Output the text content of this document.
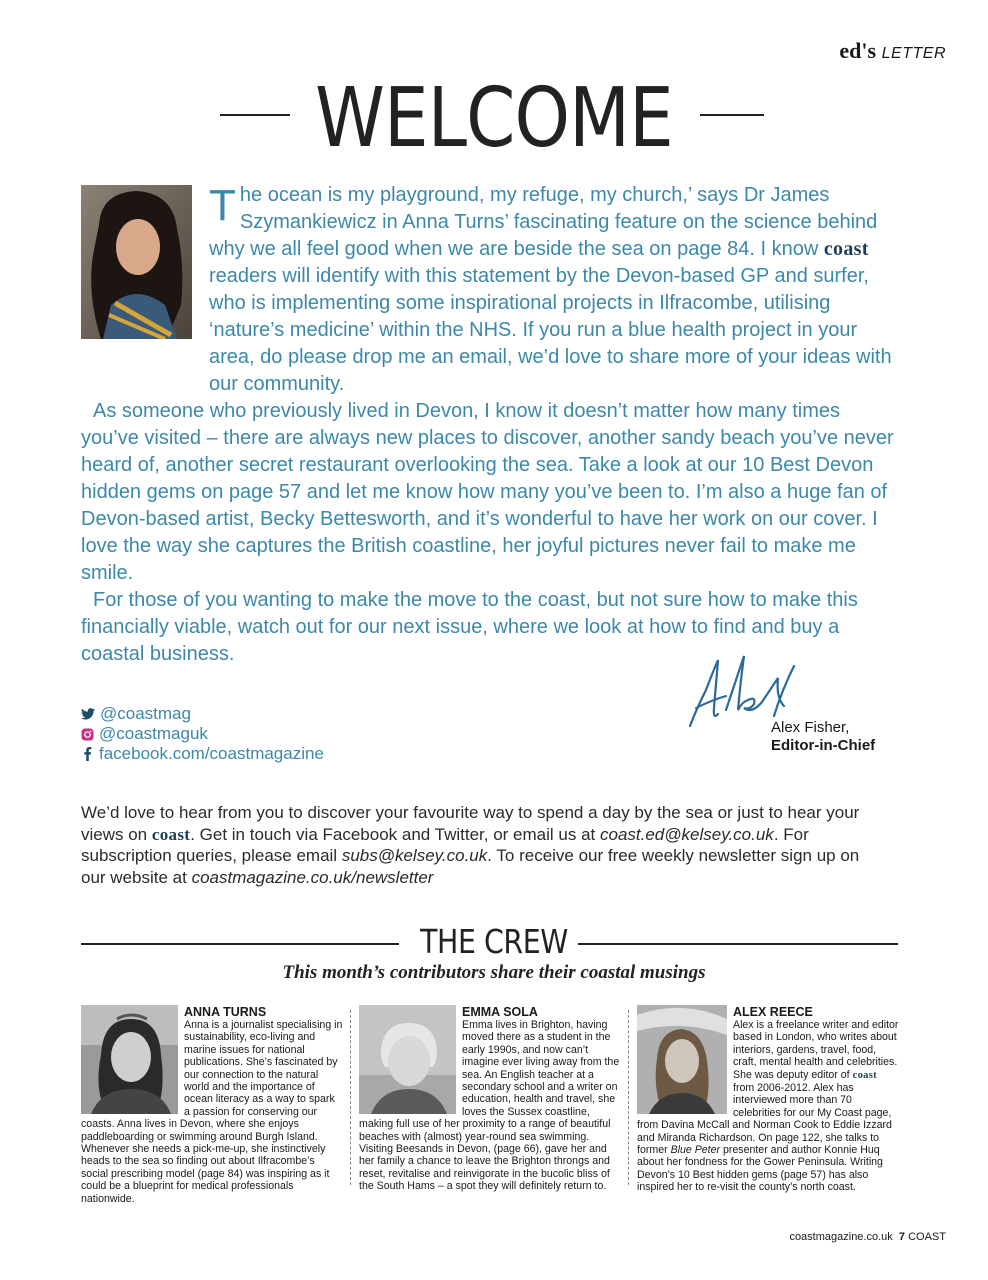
ed's LETTER
WELCOME

The ocean is my playground, my refuge, my church,’ says Dr James Szymankiewicz in Anna Turns’ fascinating feature on the science behind why we all feel good when we are beside the sea on page 84. I know coast readers will identify with this statement by the Devon-based GP and surfer, who is implementing some inspirational projects in Ilfracombe, utilising ‘nature’s medicine’ within the NHS. If you run a blue health project in your area, do please drop me an email, we’d love to share more of your ideas with our community.

As someone who previously lived in Devon, I know it doesn’t matter how many times you’ve visited – there are always new places to discover, another sandy beach you’ve never heard of, another secret restaurant overlooking the sea. Take a look at our 10 Best Devon hidden gems on page 57 and let me know how many you’ve been to. I’m also a huge fan of Devon-based artist, Becky Bettesworth, and it’s wonderful to have her work on our cover. I love the way she captures the British coastline, her joyful pictures never fail to make me smile.

For those of you wanting to make the move to the coast, but not sure how to make this financially viable, watch out for our next issue, where we look at how to find and buy a coastal business.

Alex Fisher,
Editor-in-Chief
@coastmag
@coastmaguk
facebook.com/coastmagazine

We’d love to hear from you to discover your favourite way to spend a day by the sea or just to hear your views on coast. Get in touch via Facebook and Twitter, or email us at coast.ed@kelsey.co.uk. For subscription queries, please email subs@kelsey.co.uk. To receive our free weekly newsletter sign up on our website at coastmagazine.co.uk/newsletter

THE CREW
This month’s contributors share their coastal musings
ANNA TURNS

Anna is a journalist specialising in sustainability, eco-living and marine issues for national publications. She’s fascinated by our connection to the natural world and the importance of ocean literacy as a way to spark a passion for conserving our coasts. Anna lives in Devon, where she enjoys paddleboarding or swimming around Burgh Island. Whenever she needs a pick-me-up, she instinctively heads to the sea so finding out about Ilfracombe’s social prescribing model (page 84) was inspiring as it could be a blueprint for medical professionals nationwide.

EMMA SOLA

Emma lives in Brighton, having moved there as a student in the early 1990s, and now can’t imagine ever living away from the sea. An English teacher at a secondary school and a writer on education, health and travel, she loves the Sussex coastline, making full use of her proximity to a range of beautiful beaches with (almost) year-round sea swimming. Visiting Beesands in Devon, (page 66), gave her and her family a chance to leave the Brighton throngs and reset, revitalise and reinvigorate in the bucolic bliss of the South Hams – a spot they will definitely return to.

ALEX REECE

Alex is a freelance writer and editor based in London, who writes about interiors, gardens, travel, food, craft, mental health and celebrities. She was deputy editor of coast from 2006-2012. Alex has interviewed more than 70 celebrities for our My Coast page, from Davina McCall and Norman Cook to Eddie Izzard and Miranda Richardson. On page 122, she talks to former Blue Peter presenter and author Konnie Huq about her fondness for the Gower Peninsula. Writing Devon’s 10 Best hidden gems (page 57) has also inspired her to re-visit the county’s north coast.

coastmagazine.co.uk 7 COAST
